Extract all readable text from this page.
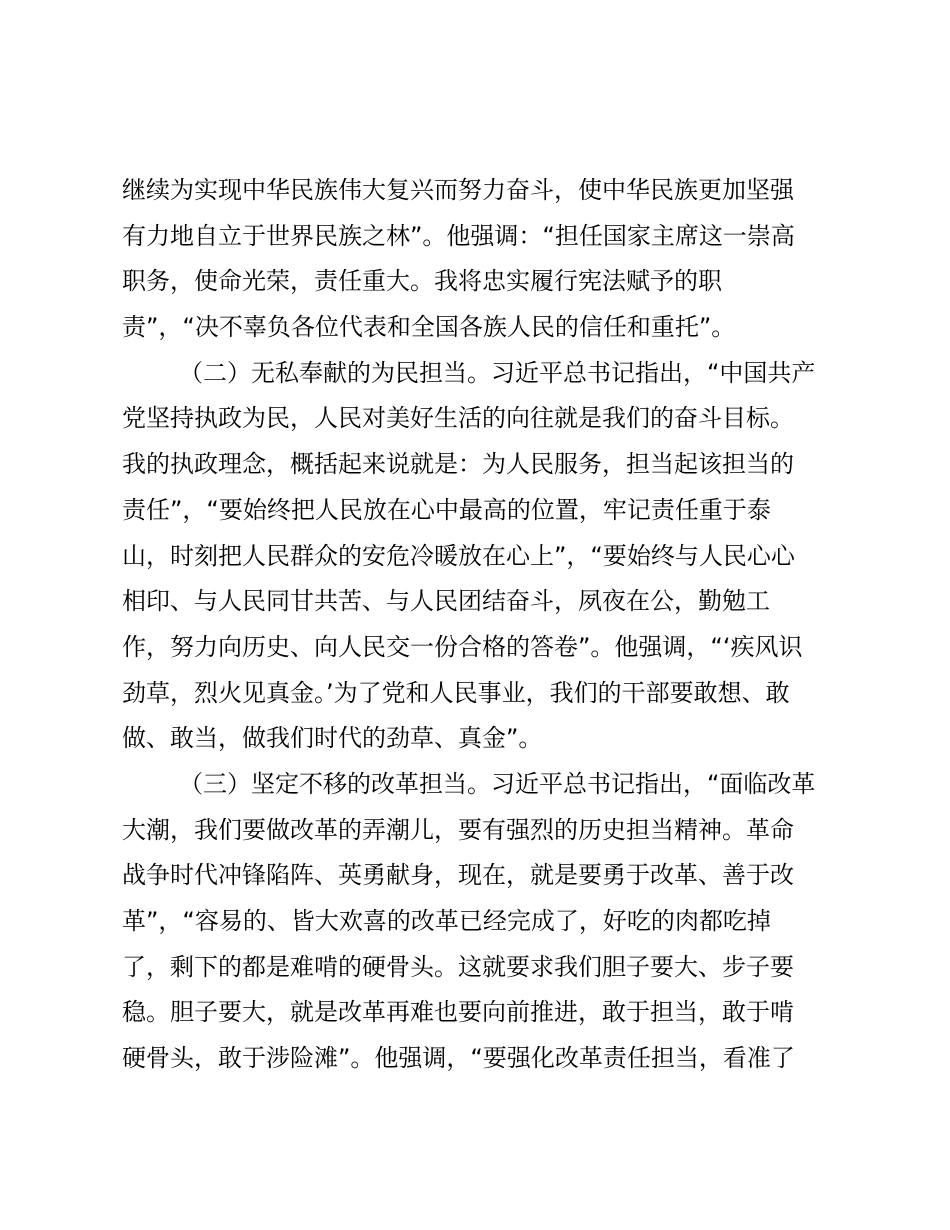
继续为实现中华民族伟大复兴而努力奋斗，使中华民族更加坚强
有力地自立于世界民族之林”。他强调：“担任国家主席这一崇高
职务，使命光荣，责任重大。我将忠实履行宪法赋予的职
责”，“决不辜负各位代表和全国各族人民的信任和重托”。
（二）无私奉献的为民担当。习近平总书记指出，“中国共产
党坚持执政为民，人民对美好生活的向往就是我们的奋斗目标。
我的执政理念，概括起来说就是：为人民服务，担当起该担当的
责任”，“要始终把人民放在心中最高的位置，牢记责任重于泰
山，时刻把人民群众的安危冷暖放在心上”，“要始终与人民心心
相印、与人民同甘共苦、与人民团结奋斗，夙夜在公，勤勉工
作，努力向历史、向人民交一份合格的答卷”。他强调，“‘疾风识
劲草，烈火见真金。’为了党和人民事业，我们的干部要敢想、敢
做、敢当，做我们时代的劲草、真金”。
（三）坚定不移的改革担当。习近平总书记指出，“面临改革
大潮，我们要做改革的弄潮儿，要有强烈的历史担当精神。革命
战争时代冲锋陷阵、英勇献身，现在，就是要勇于改革、善于改
革”，“容易的、皆大欢喜的改革已经完成了，好吃的肉都吃掉
了，剩下的都是难啃的硬骨头。这就要求我们胆子要大、步子要
稳。胆子要大，就是改革再难也要向前推进，敢于担当，敢于啃
硬骨头，敢于涉险滩”。他强调，“要强化改革责任担当，看准了
